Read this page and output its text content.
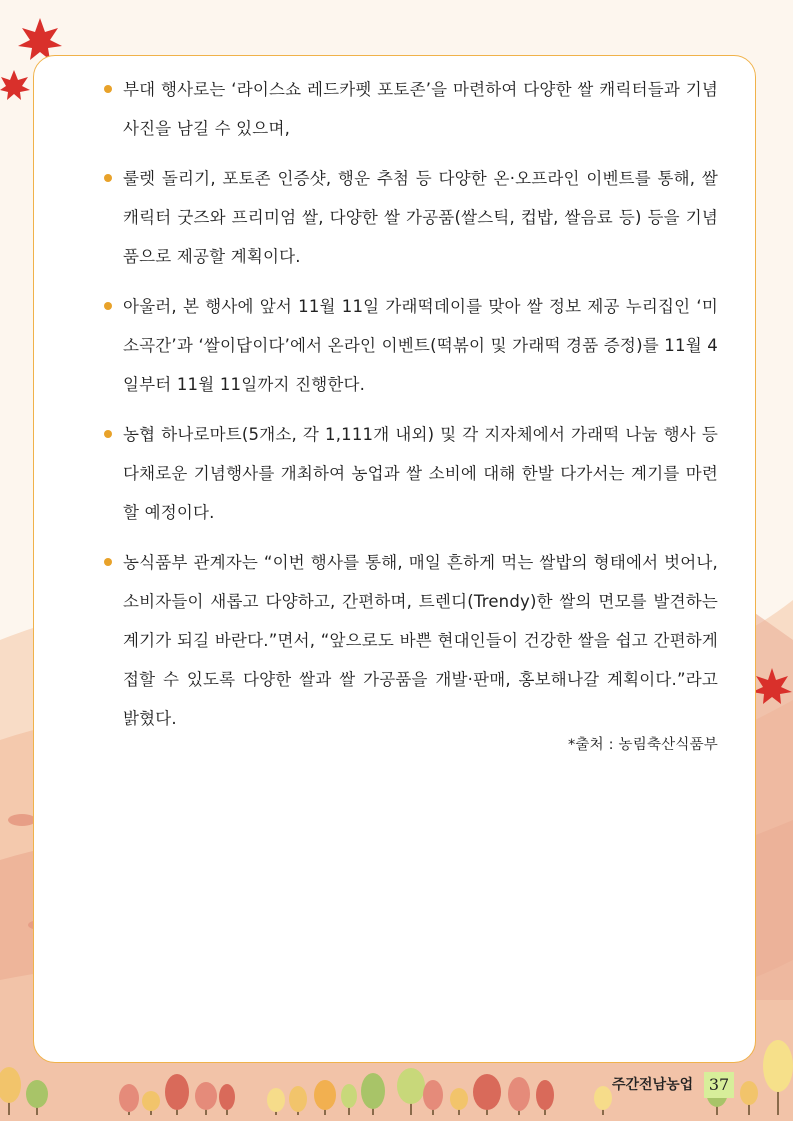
부대 행사로는 ‘라이스쇼 레드카펫 포토존’을 마련하여 다양한 쌀 캐릭터들과 기념사진을 남길 수 있으며,

룰렛 돌리기, 포토존 인증샷, 행운 추첨 등 다양한 온·오프라인 이벤트를 통해, 쌀 캐릭터 굿즈와 프리미엄 쌀, 다양한 쌀 가공품(쌀스틱, 컵밥, 쌀음료 등) 등을 기념품으로 제공할 계획이다.

아울러, 본 행사에 앞서 11월 11일 가래떡데이를 맞아 쌀 정보 제공 누리집인 ‘미소곡간’과 ‘쌀이답이다’에서 온라인 이벤트(떡볶이 및 가래떡 경품 증정)를 11월 4일부터 11월 11일까지 진행한다.

농협 하나로마트(5개소, 각 1,111개 내외) 및 각 지자체에서 가래떡 나눔 행사 등 다채로운 기념행사를 개최하여 농업과 쌀 소비에 대해 한발 다가서는 계기를 마련할 예정이다.

농식품부 관계자는 “이번 행사를 통해, 매일 흔하게 먹는 쌀밥의 형태에서 벗어나, 소비자들이 새롭고 다양하고, 간편하며, 트렌디(Trendy)한 쌀의 면모를 발견하는 계기가 되길 바란다.”면서, “앞으로도 바쁜 현대인들이 건강한 쌀을 쉽고 간편하게 접할 수 있도록 다양한 쌀과 쌀 가공품을 개발·판매, 홍보해나갈 계획이다.”라고 밝혔다.

*출처 : 농림축산식품부
주간전남농업 37
